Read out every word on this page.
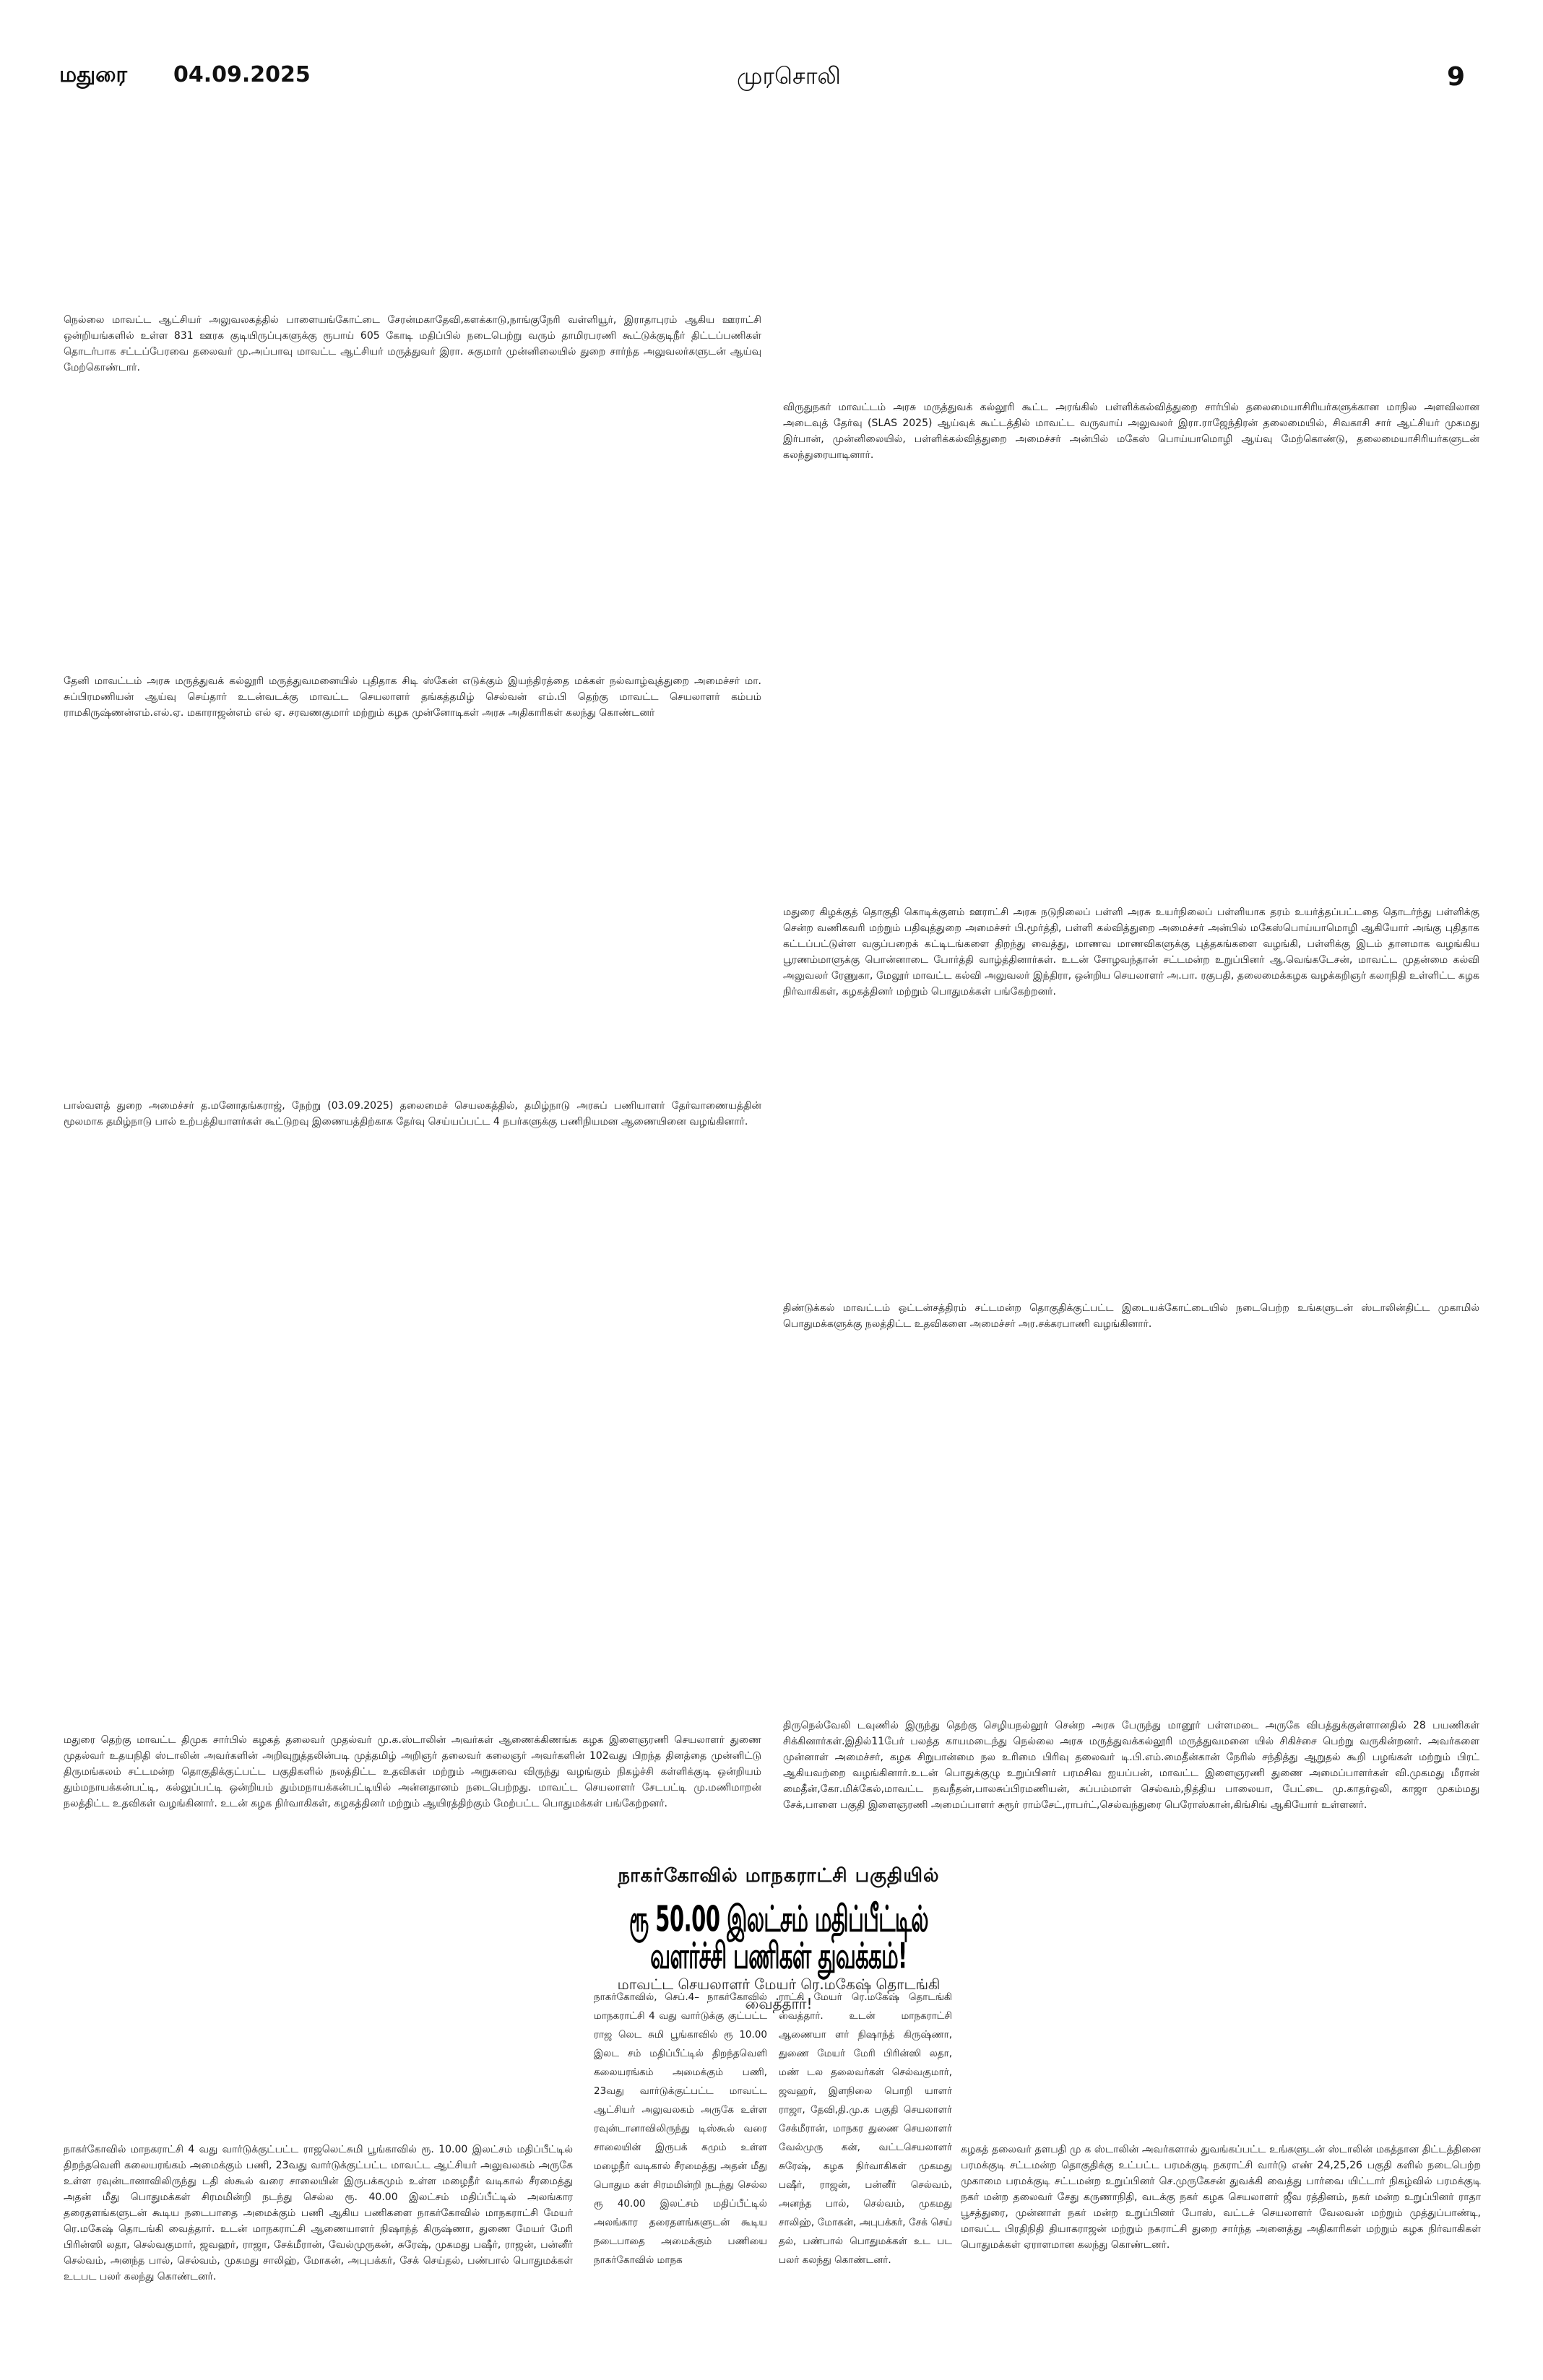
மதுரை 04.09.2025	முரசொலி	9

நெல்லை மாவட்ட ஆட்சியர் அலுவலகத்தில் பாளையங்கோட்டை சேரன்மகாதேவி,களக்காடு,நாங்குநேரி வள்ளியூர், இராதாபுரம் ஆகிய ஊராட்சி ஒன்றியங்களில் உள்ள 831 ஊரக குடியிருப்புகளுக்கு ரூபாய் 605 கோடி மதிப்பில் நடைபெற்று வரும் தாமிரபரணி கூட்டுக்குடிநீர் திட்டப்பணிகள் தொடர்பாக சட்டப்பேரவை தலைவர் மு.அப்பாவு மாவட்ட ஆட்சியர் மருத்துவர் இரா. சுகுமார் முன்னிலையில் துறை சார்ந்த அலுவலர்களுடன் ஆய்வு மேற்கொண்டார்.

விருதுநகர் மாவட்டம் அரசு மருத்துவக் கல்லூரி கூட்ட அரங்கில் பள்ளிக்கல்வித்துறை சார்பில் தலைமையாசிரியர்களுக்கான மாநில அளவிலான அடைவுத் தேர்வு (SLAS 2025) ஆய்வுக் கூட்டத்தில் மாவட்ட வருவாய் அலுவலர் இரா.ராஜேந்திரன் தலைமையில், சிவகாசி சார் ஆட்சியர் முகமது இர்பான், முன்னிலையில், பள்ளிக்கல்வித்துறை அமைச்சர் அன்பில் மகேஸ் பொய்யாமொழி ஆய்வு மேற்கொண்டு, தலைமையாசிரியர்களுடன் கலந்துரையாடினார்.

தேனி மாவட்டம் அரசு மருத்துவக் கல்லூரி மருத்துவமனையில் புதிதாக சிடி ஸ்கேன் எடுக்கும் இயந்திரத்தை மக்கள் நல்வாழ்வுத்துறை அமைச்சர் மா. சுப்பிரமணியன் ஆய்வு செய்தார் உடன்வடக்கு மாவட்ட செயலாளர் தங்கத்தமிழ் செல்வன் எம்.பி தெற்கு மாவட்ட செயலாளர் கம்பம் ராமகிருஷ்ணன்எம்.எல்.ஏ. மகாராஜன்எம் எல் ஏ. சரவணகுமார் மற்றும் கழக முன்னோடிகள் அரசு அதிகாரிகள் கலந்து கொண்டனர்

மதுரை கிழக்குத் தொகுதி கொடிக்குளம் ஊராட்சி அரசு நடுநிலைப் பள்ளி அரசு உயர்நிலைப் பள்ளியாக தரம் உயர்த்தப்பட்டதை தொடர்ந்து பள்ளிக்கு சென்ற வணிகவரி மற்றும் பதிவுத்துறை அமைச்சர் பி.மூர்த்தி, பள்ளி கல்வித்துறை அமைச்சர் அன்பில் மகேஸ்பொய்யாமொழி ஆகியோர் அங்கு புதிதாக கட்டப்பட்டுள்ள வகுப்பறைக் கட்டிடங்களை திறந்து வைத்து, மாணவ மாணவிகளுக்கு புத்தகங்களை வழங்கி, பள்ளிக்கு இடம் தானமாக வழங்கிய பூரணம்மாளுக்கு பொன்னாடை போர்த்தி வாழ்த்தினார்கள். உடன் சோழவந்தான் சட்டமன்ற உறுப்பினர் ஆ.வெங்கடேசன், மாவட்ட முதன்மை கல்வி அலுவலர் ரேணுகா, மேலூர் மாவட்ட கல்வி அலுவலர் இந்திரா, ஒன்றிய செயலாளர் அ.பா. ரகுபதி, தலைமைக்கழக வழக்கறிஞர் கலாநிதி உள்ளிட்ட கழக நிர்வாகிகள், கழகத்தினர் மற்றும் பொதுமக்கள் பங்கேற்றனர்.

பால்வளத் துறை அமைச்சர் த.மனோதங்கராஜ், நேற்று (03.09.2025) தலைமைச் செயலகத்தில், தமிழ்நாடு அரசுப் பணியாளர் தேர்வாணையத்தின் மூலமாக தமிழ்நாடு பால் உற்பத்தியாளர்கள் கூட்டுறவு இணையத்திற்காக தேர்வு செய்யப்பட்ட 4 நபர்களுக்கு பணிநியமன ஆணையினை வழங்கினார்.

திண்டுக்கல் மாவட்டம் ஒட்டன்சத்திரம் சட்டமன்ற தொகுதிக்குட்பட்ட இடையக்கோட்டையில் நடைபெற்ற உங்களுடன் ஸ்டாலின்திட்ட முகாமில் பொதுமக்களுக்கு நலத்திட்ட உதவிகளை அமைச்சர் அர.சக்கரபாணி வழங்கினார்.

மதுரை தெற்கு மாவட்ட திமுக சார்பில் கழகத் தலைவர் முதல்வர் மு.க.ஸ்டாலின் அவர்கள் ஆணைக்கிணங்க கழக இளைஞரணி செயலாளர் துணை முதல்வர் உதயநிதி ஸ்டாலின் அவர்களின் அறிவுறுத்தலின்படி முத்தமிழ் அறிஞர் தலைவர் கலைஞர் அவர்களின் 102வது பிறந்த தினத்தை முன்னிட்டு திருமங்கலம் சட்டமன்ற தொகுதிக்குட்பட்ட பகுதிகளில் நலத்திட்ட உதவிகள் மற்றும் அறுசுவை விருந்து வழங்கும் நிகழ்ச்சி கள்ளிக்குடி ஒன்றியம் தும்மநாயக்கன்பட்டி, கல்லுப்பட்டி ஒன்றியம் தும்மநாயக்கன்பட்டியில் அன்னதானம் நடைபெற்றது. மாவட்ட செயலாளர் சேடபட்டி மு.மணிமாறன் நலத்திட்ட உதவிகள் வழங்கினார். உடன் கழக நிர்வாகிகள், கழகத்தினர் மற்றும் ஆயிரத்திற்கும் மேற்பட்ட பொதுமக்கள் பங்கேற்றனர்.

திருநெல்வேலி டவுணில் இருந்து தெற்கு செழியநல்லூர் சென்ற அரசு பேருந்து மானூர் பள்ளமடை அருகே விபத்துக்குள்ளானதில் 28 பயணிகள் சிக்கினார்கள்.இதில்11பேர் பலத்த காயமடைந்து நெல்லை அரசு மருத்துவக்கல்லூரி மருத்துவமனை யில் சிகிச்சை பெற்று வருகின்றனர். அவர்களை முன்னாள் அமைச்சர், கழக சிறுபான்மை நல உரிமை பிரிவு தலைவர் டி.பி.எம்.மைதீன்கான் நேரில் சந்தித்து ஆறுதல் கூறி பழங்கள் மற்றும் பிரட் ஆகியவற்றை வழங்கினார்.உடன் பொதுக்குழு உறுப்பினர் பரமசிவ ஐயப்பன், மாவட்ட இளைஞரணி துணை அமைப்பாளர்கள் வி.முகமது மீரான் மைதீன்,கோ.மிக்கேல்,மாவட்ட நவநீதன்,பாலசுப்பிரமணியன், சுப்பம்மாள் செல்வம்,நித்திய பாலையா, பேட்டை மு.காதர்ஒலி, காஜா முகம்மது சேக்,பாளை பகுதி இளைஞரணி அமைப்பாளர் சுரூர் ராம்சேட்,ராபர்ட்,செல்வந்துரை பெரோஸ்கான்,கிங்சிங் ஆகியோர் உள்ளனர்.

நாகர்கோவில் மாநகராட்சி 4 வது வார்டுக்குட்பட்ட ராஜலெட்சுமி பூங்காவில் ரூ. 10.00 இலட்சம் மதிப்பீட்டில் திறந்தவெளி கலையரங்கம் அமைக்கும் பணி, 23வது வார்டுக்குட்பட்ட மாவட்ட ஆட்சியர் அலுவலகம் அருகே உள்ள ரவுன்டானாவிலிருந்து டதி ஸ்கூல் வரை சாலையின் இருபக்கமும் உள்ள மழைநீர் வடிகால் சீரமைத்து அதன் மீது பொதுமக்கள் சிரமமின்றி நடந்து செல்ல ரூ. 40.00 இலட்சம் மதிப்பீட்டில் அலங்கார தரைதளங்களுடன் கூடிய நடைபாதை அமைக்கும் பணி ஆகிய பணிகளை நாகர்கோவில் மாநகராட்சி மேயர் ரெ.மகேஷ் தொடங்கி வைத்தார். உடன் மாநகராட்சி ஆணையாளர் நிஷாந்த் கிருஷ்ணா, துணை மேயர் மேரி பிரின்ஸி லதா, செல்வகுமார், ஜவஹர், ராஜா, சேக்மீரான், வேல்முருகன், சுரேஷ், முகமது பஷீர், ராஜன், பன்னீர் செல்வம், அனந்த பால், செல்வம், முகமது சாலிஹ், மோகன், அபுபக்கர், சேக் செய்தல், பண்பால் பொதுமக்கள் உடபட பலர் கலந்து கொண்டனர்.

கழகத் தலைவர் தளபதி மு க ஸ்டாலின் அவர்களால் துவங்கப்பட்ட உங்களுடன் ஸ்டாலின் மகத்தான திட்டத்தினை பரமக்குடி சட்டமன்ற தொகுதிக்கு உட்பட்ட பரமக்குடி நகராட்சி வார்டு எண் 24,25,26 பகுதி களில் நடைபெற்ற முகாமை பரமக்குடி சட்டமன்ற உறுப்பினர் செ.முருகேசன் துவக்கி வைத்து பார்வை யிட்டார் நிகழ்வில் பரமக்குடி நகர் மன்ற தலைவர் சேது கருணாநிதி, வடக்கு நகர் கழக செயலாளர் ஜீவ ரத்தினம், நகர் மன்ற உறுப்பினர் ராதா பூசத்துரை, முன்னாள் நகர் மன்ற உறுப்பினர் போஸ், வட்டச் செயலாளர் வேலவன் மற்றும் முத்துப்பாண்டி, மாவட்ட பிரதிநிதி தியாகராஜன் மற்றும் நகராட்சி துறை சார்ந்த அனைத்து அதிகாரிகள் மற்றும் கழக நிர்வாகிகள் பொதுமக்கள் ஏராளமான கலந்து கொண்டனர்.

நாகர்கோவில் மாநகராட்சி பகுதியில்
ரூ 50.00 இலட்சம் மதிப்பீட்டில் வளர்ச்சி பணிகள் துவக்கம்!
மாவட்ட செயலாளர் மேயர் ரெ.மகேஷ் தொடங்கி வைத்தார்!

நாகர்கோவில், செப்.4– நாகர்கோவில் மாநகராட்சி 4 வது வார்டுக்கு குட்பட்ட ராஜ லெட சுமி பூங்காவில் ரூ 10.00 இலட சம் மதிப்பீட்டில் திறந்தவெளி கலையரங்கம் அமைக்கும் பணி, 23வது வார்டுக்குட்பட்ட மாவட்ட ஆட்சியர் அலுவலகம் அருகே உள்ள ரவுன்டானாவிலிருந்து டிஸ்கூல் வரை சாலையின் இருபக் கமும் உள்ள மழைநீர் வடிகால் சீரமைத்து அதன் மீது பொதும கள் சிரமமின்றி நடந்து செல்ல ரூ 40.00 இலட்சம் மதிப்பீட்டில் அலங்கார தரைதளங்களுடன் கூடிய நடைபாதை அமைக்கும் பணியை நாகர்கோவில் மாநக

ராட்சி மேயர் ரெ.மகேஷ் தொடங்கி வைத்தார். உடன் மாநகராட்சி ஆணையா ளர் நிஷாந்த் கிருஷ்ணா, துணை மேயர் மேரி பிரின்ஸி லதா, மண் டல தலைவர்கள் செல்வகுமார், ஜவஹர், இளநிலை பொறி யாளர் ராஜா, தேவி,தி.மு.க பகுதி செயலாளர் சேக்மீரான், மாநகர துணை செயலாளர் வேல்முரு கன், வட்டசெயலாளர் சுரேஷ், கழக நிர்வாகிகள் முகமது பஷீர், ராஜன், பன்னீர் செல்வம், அனந்த பால், செல்வம், முகமது சாலிஹ், மோகன், அபுபக்கர், சேக் செய் தல், பண்பால் பொதுமக்கள் உட பட பலர் கலந்து கொண்டனர்.
